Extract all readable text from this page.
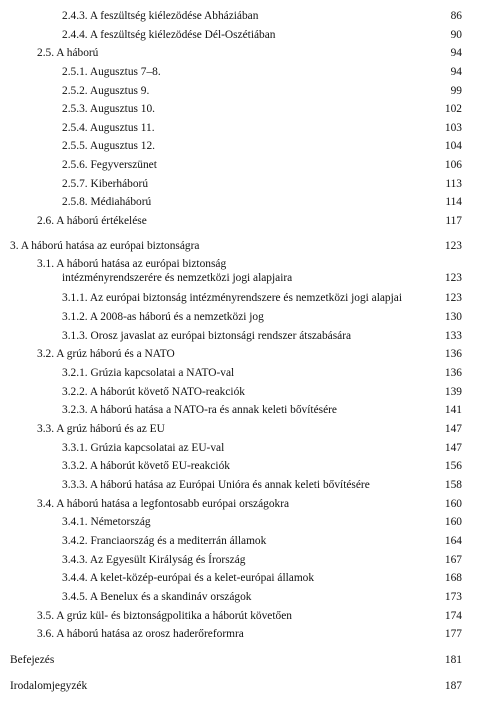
2.4.3. A feszültség kiélezödése Abháziában	86
2.4.4. A feszültség kiélezödése Dél-Oszétiában	90
2.5. A háború	94
2.5.1. Augusztus 7–8.	94
2.5.2. Augusztus 9.	99
2.5.3. Augusztus 10.	102
2.5.4. Augusztus 11.	103
2.5.5. Augusztus 12.	104
2.5.6. Fegyverszünet	106
2.5.7. Kiberháború	113
2.5.8. Médiaháború	114
2.6. A háború értékelése	117
3. A háború hatása az európai biztonságra	123
3.1. A háború hatása az európai biztonság
intézményrendszerére és nemzetközi jogi alapjaira	123
3.1.1. Az európai biztonság intézményrendszere és nemzetközi jogi alapjai	123
3.1.2. A 2008-as háború és a nemzetközi jog	130
3.1.3. Orosz javaslat az európai biztonsági rendszer átszabására	133
3.2. A grúz háború és a NATO	136
3.2.1. Grúzia kapcsolatai a NATO-val	136
3.2.2. A háborút követő NATO-reakciók	139
3.2.3. A háború hatása a NATO-ra és annak keleti bővítésére	141
3.3. A grúz háború és az EU	147
3.3.1. Grúzia kapcsolatai az EU-val	147
3.3.2. A háborút követő EU-reakciók	156
3.3.3. A háború hatása az Európai Unióra és annak keleti bővítésére	158
3.4. A háború hatása a legfontosabb európai országokra	160
3.4.1. Németország	160
3.4.2. Franciaország és a mediterrán államok	164
3.4.3. Az Egyesült Királyság és Írország	167
3.4.4. A kelet-közép-európai és a kelet-európai államok	168
3.4.5. A Benelux és a skandináv országok	173
3.5. A grúz kül- és biztonságpolitika a háborút követően	174
3.6. A háború hatása az orosz haderőreformra	177
Befejezés	181
Irodalomjegyzék	187
